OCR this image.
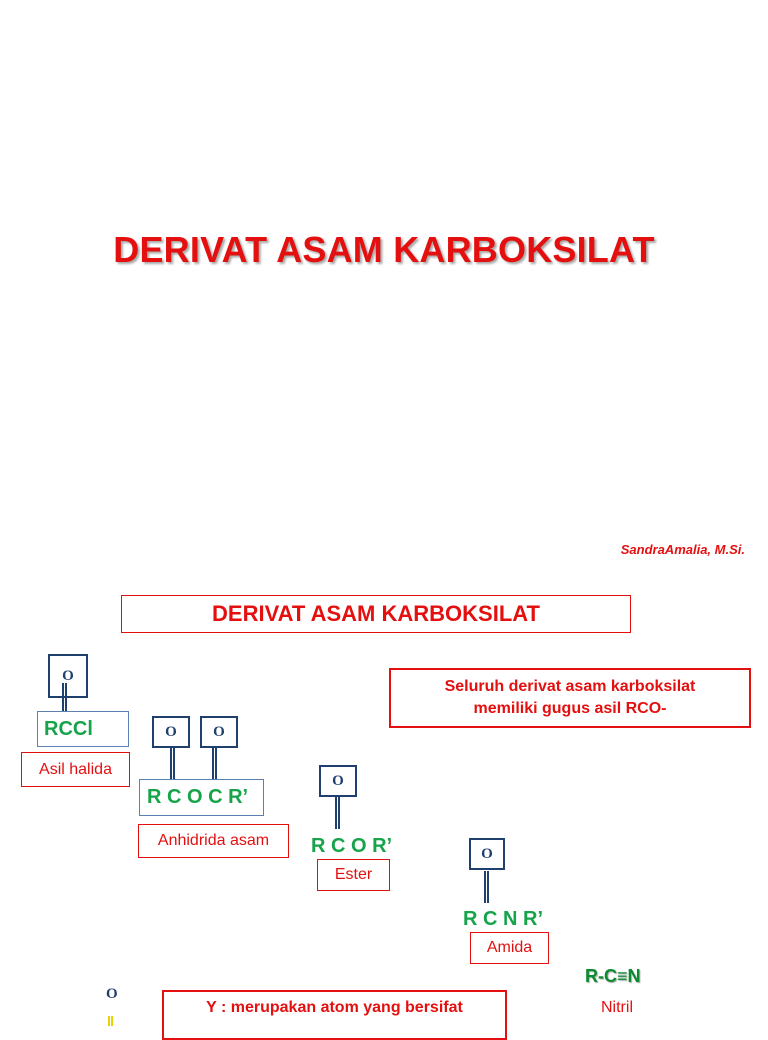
DERIVAT ASAM KARBOKSILAT
SandraAmalia, M.Si.
DERIVAT ASAM KARBOKSILAT
Seluruh derivat asam karboksilat
memiliki gugus asil RCO-
O
RCCl
Asil halida
O O
R C O C R’
Anhidrida asam
O
R C O R’
Ester
O
R C N R’
Amida
R-C≡N
Nitril
O
Y : merupakan atom yang bersifat
